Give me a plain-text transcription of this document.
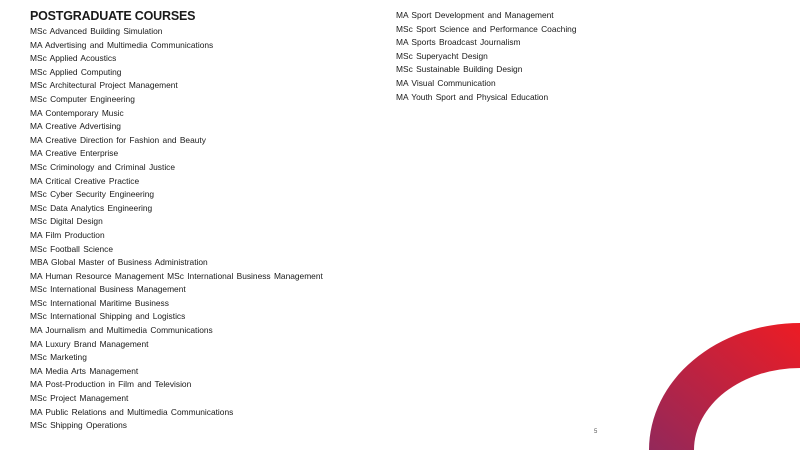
POSTGRADUATE COURSES
MSc Advanced Building Simulation
MA Advertising and Multimedia Communications
MSc Applied Acoustics
MSc Applied Computing
MSc Architectural Project Management
MSc Computer Engineering
MA Contemporary Music
MA Creative Advertising
MA Creative Direction for Fashion and Beauty
MA Creative Enterprise
MSc Criminology and Criminal Justice
MA Critical Creative Practice
MSc Cyber Security Engineering
MSc Data Analytics Engineering
MSc Digital Design
MA Film Production
MSc Football Science
MBA Global Master of Business Administration
MA Human Resource Management MSc International Business Management
MSc International Business Management
MSc International Maritime Business
MSc International Shipping and Logistics
MA Journalism and Multimedia Communications
MA Luxury Brand Management
MSc Marketing
MA Media Arts Management
MA Post-Production in Film and Television
MSc Project Management
MA Public Relations and Multimedia Communications
MSc Shipping Operations
MA Sport Development and Management
MSc Sport Science and Performance Coaching
MA Sports Broadcast Journalism
MSc Superyacht Design
MSc Sustainable Building Design
MA Visual Communication
MA Youth Sport and Physical Education
5
